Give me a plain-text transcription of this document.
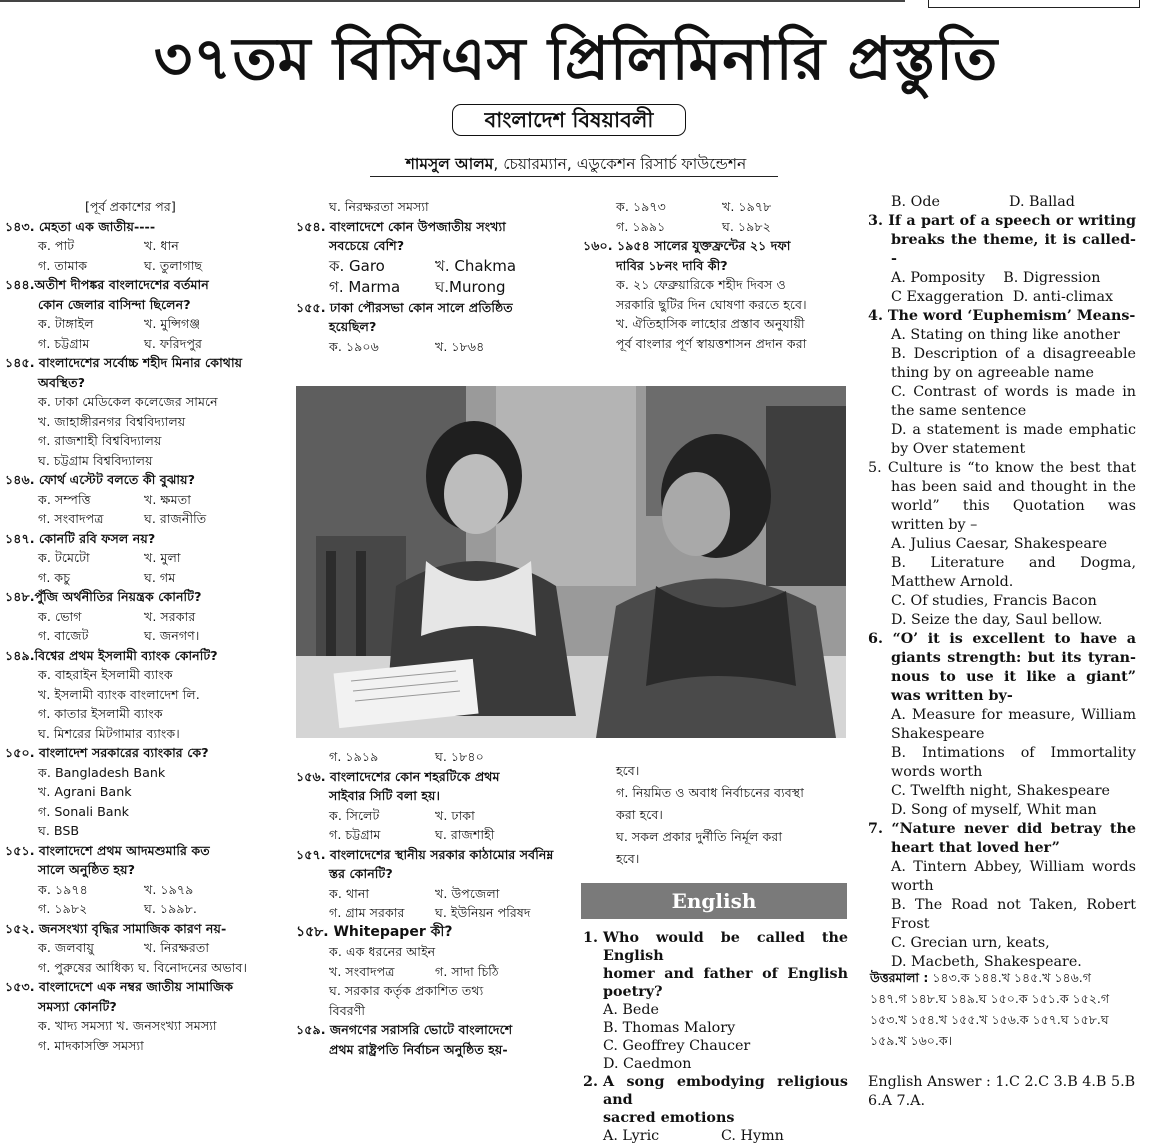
৩৭তম বিসিএস প্রিলিমিনারি প্রস্তুতি
বাংলাদেশ বিষয়াবলী
শামসুল আলম, চেয়ারম্যান, এডুকেশন রিসার্চ ফাউন্ডেশন

[পূর্ব প্রকাশের পর]

১৪৩. মেহতা এক জাতীয়----

ক. পাট	খ. ধান

গ. তামাক	ঘ. তুলাগাছ

১৪৪.অতীশ দীপঙ্কর বাংলাদেশের বর্তমান

কোন জেলার বাসিন্দা ছিলেন?

ক. টাঙ্গাইল	খ. মুন্সিগঞ্জ

গ. চট্টগ্রাম	ঘ. ফরিদপুর

১৪৫. বাংলাদেশের সর্বোচ্চ শহীদ মিনার কোথায়

অবস্থিত?

ক. ঢাকা মেডিকেল কলেজের সামনে

খ. জাহাঙ্গীরনগর বিশ্ববিদ্যালয়

গ. রাজশাহী বিশ্ববিদ্যালয়

ঘ. চট্টগ্রাম বিশ্ববিদ্যালয়

১৪৬. ফোর্থ এস্টেট বলতে কী বুঝায়?

ক. সম্পত্তি	খ. ক্ষমতা

গ. সংবাদপত্র	ঘ. রাজনীতি

১৪৭. কোনটি রবি ফসল নয়?

ক. টমেটো	খ. মুলা

গ. কচু	ঘ. গম

১৪৮.পুঁজি অর্থনীতির নিয়ন্ত্রক কোনটি?

ক. ভোগ	খ. সরকার

গ. বাজেট	ঘ. জনগণ।

১৪৯.বিশ্বের প্রথম ইসলামী ব্যাংক কোনটি?

ক. বাহরাইন ইসলামী ব্যাংক

খ. ইসলামী ব্যাংক বাংলাদেশ লি.

গ. কাতার ইসলামী ব্যাংক

ঘ. মিশরের মিটগামার ব্যাংক।

১৫০. বাংলাদেশ সরকারের ব্যাংকার কে?

ক. Bangladesh Bank

খ. Agrani Bank

গ. Sonali Bank

ঘ. BSB

১৫১. বাংলাদেশে প্রথম আদমশুমারি কত

সালে অনুষ্ঠিত হয়?

ক. ১৯৭৪	খ. ১৯৭৯

গ. ১৯৮২	ঘ. ১৯৯৮.

১৫২. জনসংখ্যা বৃদ্ধির সামাজিক কারণ নয়-

ক. জলবায়ু	খ. নিরক্ষরতা

গ. পুরুষের আধিক্য ঘ. বিনোদনের অভাব।

১৫৩. বাংলাদেশে এক নম্বর জাতীয় সামাজিক

সমস্যা কোনটি?

ক. খাদ্য সমস্যা খ. জনসংখ্যা সমস্যা

গ. মাদকাসক্তি সমস্যা

ঘ. নিরক্ষরতা সমস্যা

১৫৪. বাংলাদেশে কোন উপজাতীয় সংখ্যা

সবচেয়ে বেশি?

ক. Garo	খ. Chakma

গ. Marma ঘ.Murong

১৫৫. ঢাকা পৌরসভা কোন সালে প্রতিষ্ঠিত

হয়েছিল?

ক. ১৯০৬	খ. ১৮৬৪

ক. ১৯৭৩	খ. ১৯৭৮

গ. ১৯৯১	ঘ. ১৯৮২

১৬০. ১৯৫৪ সালের যুক্তফ্রন্টের ২১ দফা

দাবির ১৮নং দাবি কী?

ক. ২১ ফেব্রুয়ারিকে শহীদ দিবস ও

সরকারি ছুটির দিন ঘোষণা করতে হবে।

খ. ঐতিহাসিক লাহোর প্রস্তাব অনুযায়ী

পূর্ব বাংলার পূর্ণ স্বায়ত্তশাসন প্রদান করা

গ. ১৯১৯	ঘ. ১৮৪০

১৫৬. বাংলাদেশের কোন শহরটিকে প্রথম

সাইবার সিটি বলা হয়।

ক. সিলেট	খ. ঢাকা

গ. চট্টগ্রাম	ঘ. রাজশাহী

১৫৭. বাংলাদেশের স্থানীয় সরকার কাঠামোর সর্বনিম্ন

স্তর কোনটি?

ক. থানা	খ. উপজেলা

গ. গ্রাম সরকার ঘ. ইউনিয়ন পরিষদ

১৫৮. Whitepaper কী?

ক. এক ধরনের আইন

খ. সংবাদপত্র	গ. সাদা চিঠি

ঘ. সরকার কর্তৃক প্রকাশিত তথ্য

বিবরণী

১৫৯. জনগণের সরাসরি ভোটে বাংলাদেশে

প্রথম রাষ্ট্রপতি নির্বাচন অনুষ্ঠিত হয়-

হবে।

গ. নিয়মিত ও অবাধ নির্বাচনের ব্যবস্থা

করা হবে।

ঘ. সকল প্রকার দুর্নীতি নির্মূল করা

হবে।

English

1. Who would be called the English

homer and father of English

poetry?

A. Bede

B. Thomas Malory

C. Geoffrey Chaucer

D. Caedmon

2. A song embodying religious and

sacred emotions

A. Lyric	C. Hymn

B. Ode	D. Ballad

3. If a part of a speech or writing breaks the theme, it is called--

A. Pomposity    B. Digression

C Exaggeration  D. anti-climax

4. The word ‘Euphemism’ Means-

A. Stating on thing like another

B. Description of a disagreeable thing by on agreeable name

C. Contrast of words is made in the same sentence

D. a statement is made emphatic by Over statement

5. Culture is “to know the best that has been said and thought in the world” this Quotation was written by –

A. Julius Caesar, Shakespeare

B. Literature and Dogma, Matthew Arnold.

C. Of studies, Francis Bacon

D. Seize the day, Saul bellow.

6. “O’ it is excellent to have a giants strength: but its tyran-nous to use it like a giant” was written by-

A. Measure for measure, William Shakespeare

B. Intimations of Immortality words worth

C. Twelfth night, Shakespeare

D. Song of myself, Whit man

7. “Nature never did betray the heart that loved her”

A. Tintern Abbey, William words worth

B. The Road not Taken, Robert Frost

C. Grecian urn, keats,

D. Macbeth, Shakespeare.

উত্তরমালা : ১৪৩.ক ১৪৪.খ ১৪৫.খ ১৪৬.গ
১৪৭.গ ১৪৮.ঘ ১৪৯.ঘ ১৫০.ক ১৫১.ক ১৫২.গ
১৫৩.খ ১৫৪.খ ১৫৫.খ ১৫৬.ক ১৫৭.ঘ ১৫৮.ঘ
১৫৯.খ ১৬০.ক।

English Answer : 1.C 2.C 3.B 4.B 5.B

6.A 7.A.
